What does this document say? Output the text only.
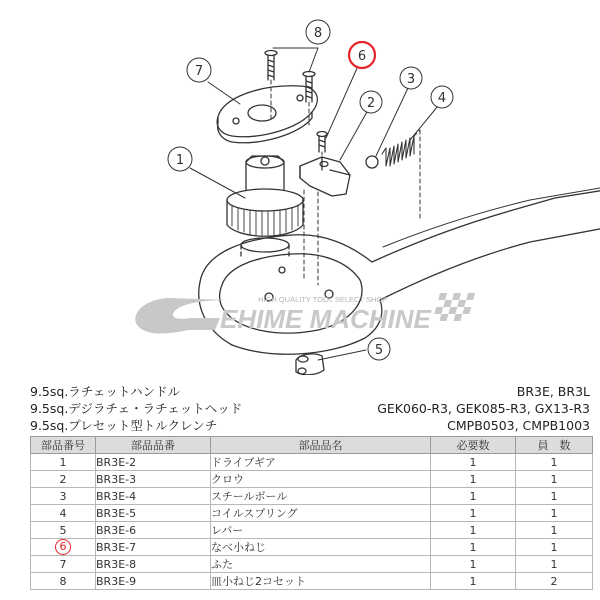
EHIME MACHINE
HIGH QUALITY TOOL SELECT SHOP
7
8
6
3
4
2
1
5
9.5sq.ラチェットハンドル	BR3E, BR3L
9.5sq.デジラチェ・ラチェットヘッド	GEK060-R3, GEK085-R3, GX13-R3
9.5sq.プレセット型トルクレンチ	CMPB0503, CMPB1003
部品番号	部品品番	部品品名	必要数	員　数
1	BR3E-2	ドライブギア	1	1
2	BR3E-3	クロウ	1	1
3	BR3E-4	スチールボール	1	1
4	BR3E-5	コイルスプリング	1	1
5	BR3E-6	レバー	1	1
6	BR3E-7	なべ小ねじ	1	1
7	BR3E-8	ふた	1	1
8	BR3E-9	皿小ねじ2コセット	1	2
